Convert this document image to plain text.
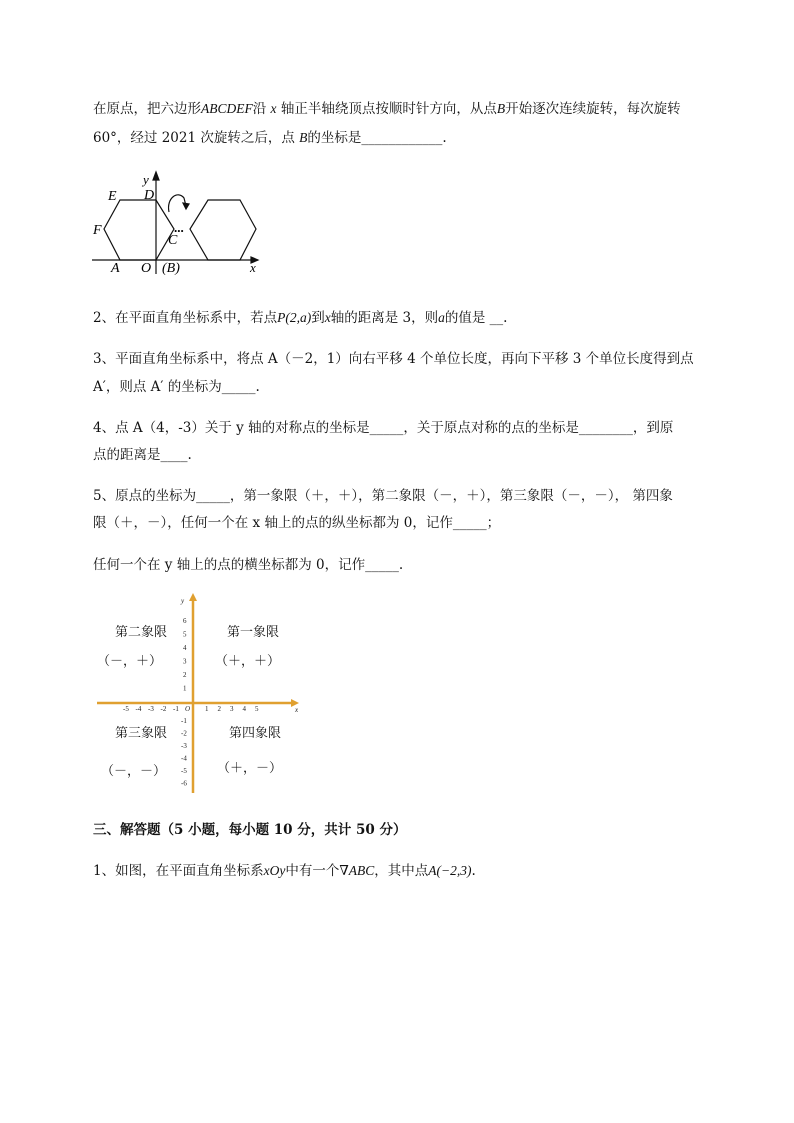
在原点，把六边形ABCDEF沿 x 轴正半轴绕顶点按顺时针方向，从点B开始逐次连续旋转，每次旋转
60°，经过 2021 次旋转之后，点 B的坐标是____________.
y
E D
F	...
C
A O (B)	x
2、在平面直角坐标系中，若点P(2,a)到x轴的距离是 3，则a的值是 __.
3、平面直角坐标系中，将点 A（－2，1）向右平移 4 个单位长度，再向下平移 3 个单位长度得到点
A′，则点 A′ 的坐标为_____.
4、点 A（4，-3）关于 y 轴的对称点的坐标是_____，关于原点对称的点的坐标是________，到原
点的距离是____.
5、原点的坐标为_____，第一象限（＋，＋），第二象限（－，＋），第三象限（－，－）， 第四象
限（＋，－），任何一个在 x 轴上的点的纵坐标都为 0，记作_____；
任何一个在 y 轴上的点的横坐标都为 0，记作_____.
x
y
O
-5 -4 -3 -2 -1	1 2 3 4 5
6
5
4
3
2
1
-1
-2
-3
-4
-5
-6
第二象限
（－，＋）
第一象限
（＋，＋）
第三象限
（－，－）
第四象限
（＋，－）
三、解答题（5 小题，每小题 10 分，共计 50 分）
1、如图，在平面直角坐标系xOy中有一个∇ABC，其中点A(−2,3).
